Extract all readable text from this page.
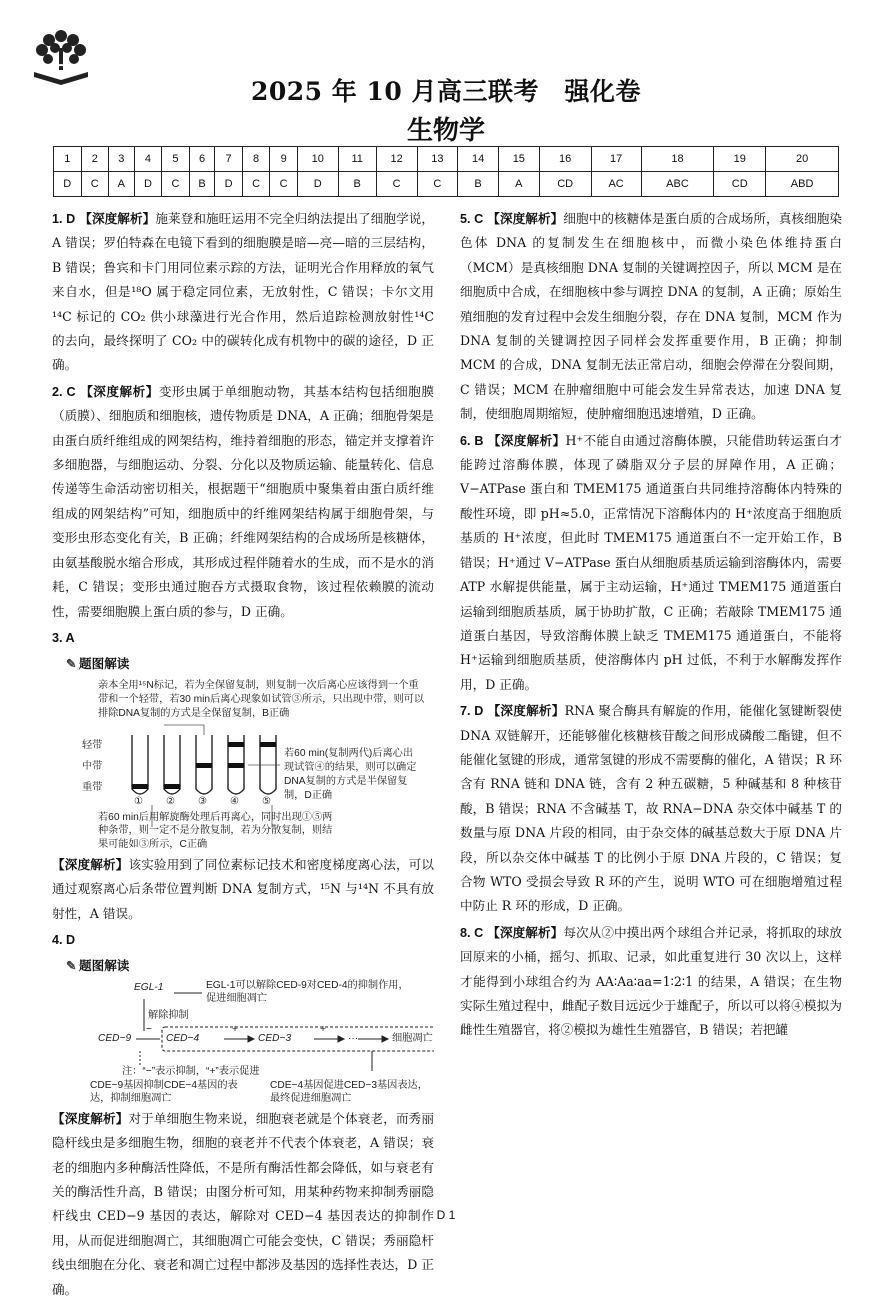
2025 年 10 月高三联考　强化卷
生物学
1	2	3	4	5	6	7	8	9	10	11	12	13	14	15	16	17	18	19	20
D	C	A	D	C	B	D	C	C	D	B	C	C	B	A	CD	AC	ABC	CD	ABD

1. D 【深度解析】施莱登和施旺运用不完全归纳法提出了细胞学说，A 错误；罗伯特森在电镜下看到的细胞膜是暗—亮—暗的三层结构，B 错误；鲁宾和卡门用同位素示踪的方法，证明光合作用释放的氧气来自水，但是¹⁸O 属于稳定同位素，无放射性，C 错误；卡尔文用¹⁴C 标记的 CO₂ 供小球藻进行光合作用，然后追踪检测放射性¹⁴C 的去向，最终探明了 CO₂ 中的碳转化成有机物中的碳的途径，D 正确。

2. C 【深度解析】变形虫属于单细胞动物，其基本结构包括细胞膜（质膜）、细胞质和细胞核，遗传物质是 DNA，A 正确；细胞骨架是由蛋白质纤维组成的网架结构，维持着细胞的形态，锚定并支撑着许多细胞器，与细胞运动、分裂、分化以及物质运输、能量转化、信息传递等生命活动密切相关，根据题干“细胞质中聚集着由蛋白质纤维组成的网架结构”可知，细胞质中的纤维网架结构属于细胞骨架，与变形虫形态变化有关，B 正确；纤维网架结构的合成场所是核糖体，由氨基酸脱水缩合形成，其形成过程伴随着水的生成，而不是水的消耗，C 错误；变形虫通过胞吞方式摄取食物，该过程依赖膜的流动性，需要细胞膜上蛋白质的参与，D 正确。

3. A

✎ 题图解读
亲本全用¹⁵N标记，若为全保留复制，则复制一次后离心应该得到一个重带和一个轻带，若30 min后离心现象如试管③所示，只出现中带，则可以排除DNA复制的方式是全保留复制，B正确
轻带
中带
重带
① ② ③ ④ ⑤
若60 min(复制两代)后离心出现试管④的结果，则可以确定DNA复制的方式是半保留复制，D正确
若60 min后用解旋酶处理后再离心，同时出现①⑤两种条带，则一定不是分散复制，若为分散复制，则结果可能如③所示，C正确

【深度解析】该实验用到了同位素标记技术和密度梯度离心法，可以通过观察离心后条带位置判断 DNA 复制方式，¹⁵N 与¹⁴N 不具有放射性，A 错误。

4. D

✎ 题图解读
EGL-1	EGL-1可以解除CED-9对CED-4的抑制作用，促进细胞凋亡
解除抑制
CED−9
−
CED−4
+
CED−3
+
···	细胞凋亡
注：“−”表示抑制，“+”表示促进
CDE−9基因抑制CDE−4基因的表达，抑制细胞凋亡
CDE−4基因促进CED−3基因表达，最终促进细胞凋亡

【深度解析】对于单细胞生物来说，细胞衰老就是个体衰老，而秀丽隐杆线虫是多细胞生物，细胞的衰老并不代表个体衰老，A 错误；衰老的细胞内多种酶活性降低，不是所有酶活性都会降低，如与衰老有关的酶活性升高，B 错误；由图分析可知，用某种药物来抑制秀丽隐杆线虫 CED−9 基因的表达，解除对 CED−4 基因表达的抑制作用，从而促进细胞凋亡，其细胞凋亡可能会变快，C 错误；秀丽隐杆线虫细胞在分化、衰老和凋亡过程中都涉及基因的选择性表达，D 正确。

5. C 【深度解析】细胞中的核糖体是蛋白质的合成场所，真核细胞染色体 DNA 的复制发生在细胞核中，而微小染色体维持蛋白（MCM）是真核细胞 DNA 复制的关键调控因子，所以 MCM 是在细胞质中合成，在细胞核中参与调控 DNA 的复制，A 正确；原始生殖细胞的发育过程中会发生细胞分裂，存在 DNA 复制，MCM 作为 DNA 复制的关键调控因子同样会发挥重要作用，B 正确；抑制 MCM 的合成，DNA 复制无法正常启动，细胞会停滞在分裂间期，C 错误；MCM 在肿瘤细胞中可能会发生异常表达，加速 DNA 复制，使细胞周期缩短，使肿瘤细胞迅速增殖，D 正确。

6. B 【深度解析】H⁺不能自由通过溶酶体膜，只能借助转运蛋白才能跨过溶酶体膜，体现了磷脂双分子层的屏障作用，A 正确；V−ATPase 蛋白和 TMEM175 通道蛋白共同维持溶酶体内特殊的酸性环境，即 pH≈5.0，正常情况下溶酶体内的 H⁺浓度高于细胞质基质的 H⁺浓度，但此时 TMEM175 通道蛋白不一定开始工作，B 错误；H⁺通过 V−ATPase 蛋白从细胞质基质运输到溶酶体内，需要 ATP 水解提供能量，属于主动运输，H⁺通过 TMEM175 通道蛋白运输到细胞质基质，属于协助扩散，C 正确；若敲除 TMEM175 通道蛋白基因，导致溶酶体膜上缺乏 TMEM175 通道蛋白，不能将 H⁺运输到细胞质基质，使溶酶体内 pH 过低，不利于水解酶发挥作用，D 正确。

7. D 【深度解析】RNA 聚合酶具有解旋的作用，能催化氢键断裂使 DNA 双链解开，还能够催化核糖核苷酸之间形成磷酸二酯键，但不能催化氢键的形成，通常氢键的形成不需要酶的催化，A 错误；R 环含有 RNA 链和 DNA 链，含有 2 种五碳糖，5 种碱基和 8 种核苷酸，B 错误；RNA 不含碱基 T，故 RNA−DNA 杂交体中碱基 T 的数量与原 DNA 片段的相同，由于杂交体的碱基总数大于原 DNA 片段，所以杂交体中碱基 T 的比例小于原 DNA 片段的，C 错误；复合物 WTO 受损会导致 R 环的产生，说明 WTO 可在细胞增殖过程中防止 R 环的形成，D 正确。

8. C 【深度解析】每次从②中摸出两个球组合并记录，将抓取的球放回原来的小桶，摇匀、抓取、记录，如此重复进行 30 次以上，这样才能得到小球组合约为 AA∶Aa∶aa=1∶2∶1 的结果，A 错误；在生物实际生殖过程中，雌配子数目远远少于雄配子，所以可以将④模拟为雌性生殖器官，将②模拟为雄性生殖器官，B 错误；若把罐

D 1
